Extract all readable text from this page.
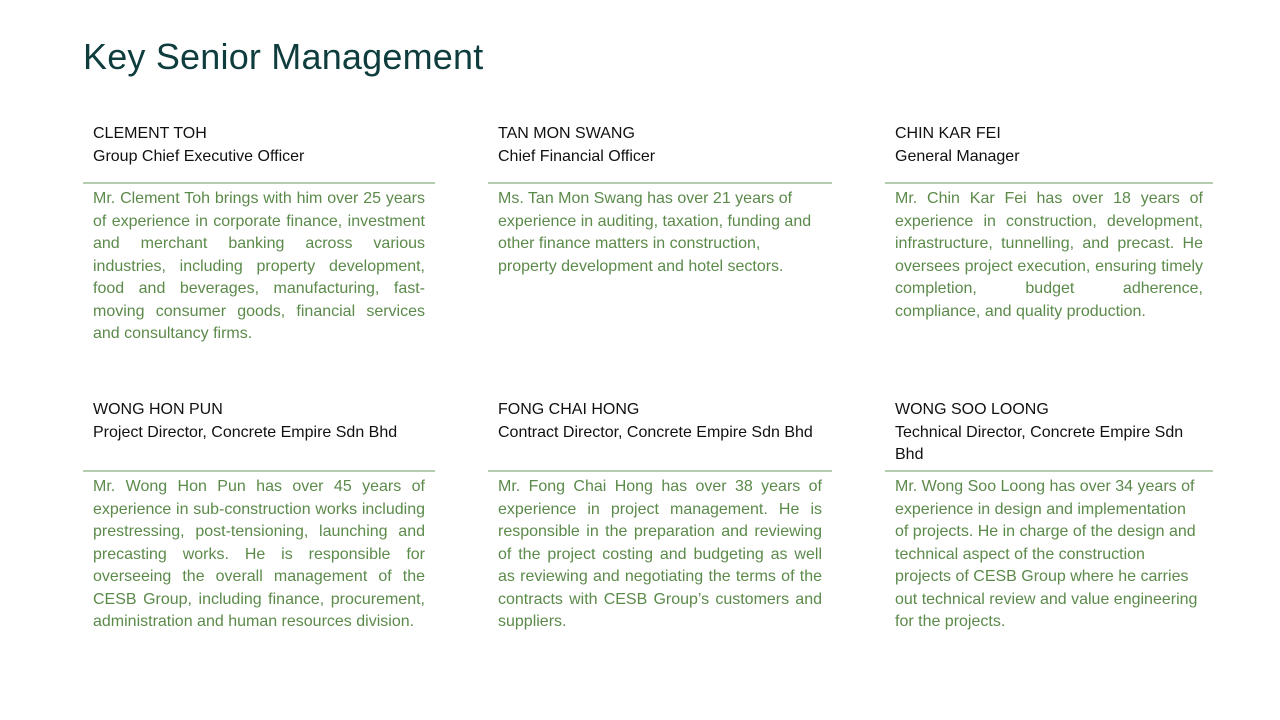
Key Senior Management
CLEMENT TOH
Group Chief Executive Officer
Mr. Clement Toh brings with him over 25 years of experience in corporate finance, investment and merchant banking across various industries, including property development, food and beverages, manufacturing, fast-moving consumer goods, financial services and consultancy firms.
TAN MON SWANG
Chief Financial Officer
Ms. Tan Mon Swang has over 21 years of experience in auditing, taxation, funding and other finance matters in construction, property development and hotel sectors.
CHIN KAR FEI
General Manager
Mr. Chin Kar Fei has over 18 years of experience in construction, development, infrastructure, tunnelling, and precast. He oversees project execution, ensuring timely completion, budget adherence, compliance, and quality production.
WONG HON PUN
Project Director, Concrete Empire Sdn Bhd
Mr. Wong Hon Pun has over 45 years of experience in sub-construction works including prestressing, post-tensioning, launching and precasting works. He is responsible for overseeing the overall management of the CESB Group, including finance, procurement, administration and human resources division.
FONG CHAI HONG
Contract Director, Concrete Empire Sdn Bhd
Mr. Fong Chai Hong has over 38 years of experience in project management. He is responsible in the preparation and reviewing of the project costing and budgeting as well as reviewing and negotiating the terms of the contracts with CESB Group’s customers and suppliers.
WONG SOO LOONG
Technical Director, Concrete Empire Sdn Bhd
Mr. Wong Soo Loong has over 34 years of experience in design and implementation of projects. He in charge of the design and technical aspect of the construction projects of CESB Group where he carries out technical review and value engineering for the projects.
